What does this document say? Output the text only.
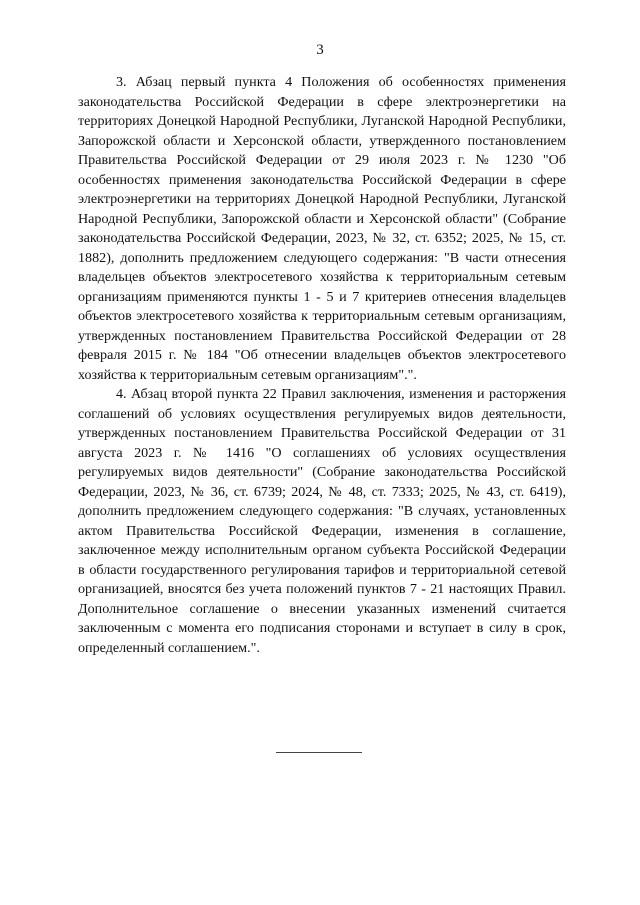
3

3. Абзац первый пункта 4 Положения об особенностях применения законодательства Российской Федерации в сфере электроэнергетики на территориях Донецкой Народной Республики, Луганской Народной Республики, Запорожской области и Херсонской области, утвержденного постановлением Правительства Российской Федерации от 29 июля 2023 г. № 1230 "Об особенностях применения законодательства Российской Федерации в сфере электроэнергетики на территориях Донецкой Народной Республики, Луганской Народной Республики, Запорожской области и Херсонской области" (Собрание законодательства Российской Федерации, 2023, № 32, ст. 6352; 2025, № 15, ст. 1882), дополнить предложением следующего содержания: "В части отнесения владельцев объектов электросетевого хозяйства к территориальным сетевым организациям применяются пункты 1 - 5 и 7 критериев отнесения владельцев объектов электросетевого хозяйства к территориальным сетевым организациям, утвержденных постановлением Правительства Российской Федерации от 28 февраля 2015 г. № 184 "Об отнесении владельцев объектов электросетевого хозяйства к территориальным сетевым организациям".".

4. Абзац второй пункта 22 Правил заключения, изменения и расторжения соглашений об условиях осуществления регулируемых видов деятельности, утвержденных постановлением Правительства Российской Федерации от 31 августа 2023 г. № 1416 "О соглашениях об условиях осуществления регулируемых видов деятельности" (Собрание законодательства Российской Федерации, 2023, № 36, ст. 6739; 2024, № 48, ст. 7333; 2025, № 43, ст. 6419), дополнить предложением следующего содержания: "В случаях, установленных актом Правительства Российской Федерации, изменения в соглашение, заключенное между исполнительным органом субъекта Российской Федерации в области государственного регулирования тарифов и территориальной сетевой организацией, вносятся без учета положений пунктов 7 - 21 настоящих Правил. Дополнительное соглашение о внесении указанных изменений считается заключенным с момента его подписания сторонами и вступает в силу в срок, определенный соглашением.".
